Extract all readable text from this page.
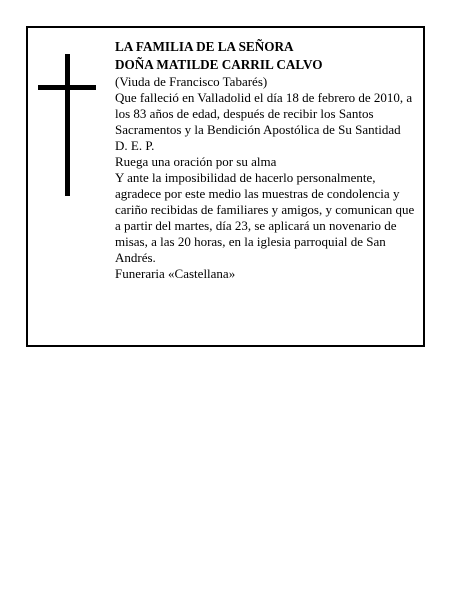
LA FAMILIA DE LA SEÑORA
DOÑA MATILDE CARRIL CALVO
(Viuda de Francisco Tabarés)
Que falleció en Valladolid el día 18 de febrero de 2010, a los 83 años de edad, después de recibir los Santos Sacramentos y la Bendición Apostólica de Su Santidad
D. E. P.
Ruega una oración por su alma
Y ante la imposibilidad de hacerlo personalmente, agradece por este medio las muestras de condolencia y cariño recibidas de familiares y amigos, y comunican que a partir del martes, día 23, se aplicará un novenario de misas, a las 20 horas, en la iglesia parroquial de San Andrés.
Funeraria «Castellana»
